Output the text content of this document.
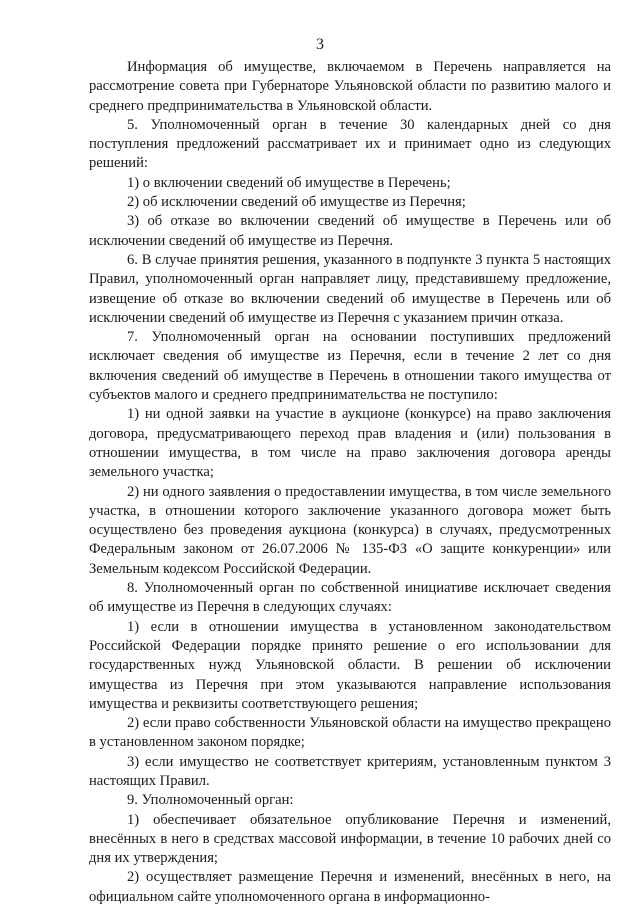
3

Информация об имуществе, включаемом в Перечень направляется на рассмотрение совета при Губернаторе Ульяновской области по развитию малого и среднего предпринимательства в Ульяновской области.

5. Уполномоченный орган в течение 30 календарных дней со дня поступления предложений рассматривает их и принимает одно из следующих решений:

1) о включении сведений об имуществе в Перечень;

2) об исключении сведений об имуществе из Перечня;

3) об отказе во включении сведений об имуществе в Перечень или об исключении сведений об имуществе из Перечня.

6. В случае принятия решения, указанного в подпункте 3 пункта 5 настоящих Правил, уполномоченный орган направляет лицу, представившему предложение, извещение об отказе во включении сведений об имуществе в Перечень или об исключении сведений об имуществе из Перечня с указанием причин отказа.

7. Уполномоченный орган на основании поступивших предложений исключает сведения об имуществе из Перечня, если в течение 2 лет со дня включения сведений об имуществе в Перечень в отношении такого имущества от субъектов малого и среднего предпринимательства не поступило:

1) ни одной заявки на участие в аукционе (конкурсе) на право заключения договора, предусматривающего переход прав владения и (или) пользования в отношении имущества, в том числе на право заключения договора аренды земельного участка;

2) ни одного заявления о предоставлении имущества, в том числе земельного участка, в отношении которого заключение указанного договора может быть осуществлено без проведения аукциона (конкурса) в случаях, предусмотренных Федеральным законом от 26.07.2006 № 135-ФЗ «О защите конкуренции» или Земельным кодексом Российской Федерации.

8. Уполномоченный орган по собственной инициативе исключает сведения об имуществе из Перечня в следующих случаях:

1) если в отношении имущества в установленном законодательством Российской Федерации порядке принято решение о его использовании для государственных нужд Ульяновской области. В решении об исключении имущества из Перечня при этом указываются направление использования имущества и реквизиты соответствующего решения;

2) если право собственности Ульяновской области на имущество прекращено в установленном законом порядке;

3) если имущество не соответствует критериям, установленным пунктом 3 настоящих Правил.

9. Уполномоченный орган:

1) обеспечивает обязательное опубликование Перечня и изменений, внесённых в него в средствах массовой информации, в течение 10 рабочих дней со дня их утверждения;

2) осуществляет размещение Перечня и изменений, внесённых в него, на официальном сайте уполномоченного органа в информационно-
